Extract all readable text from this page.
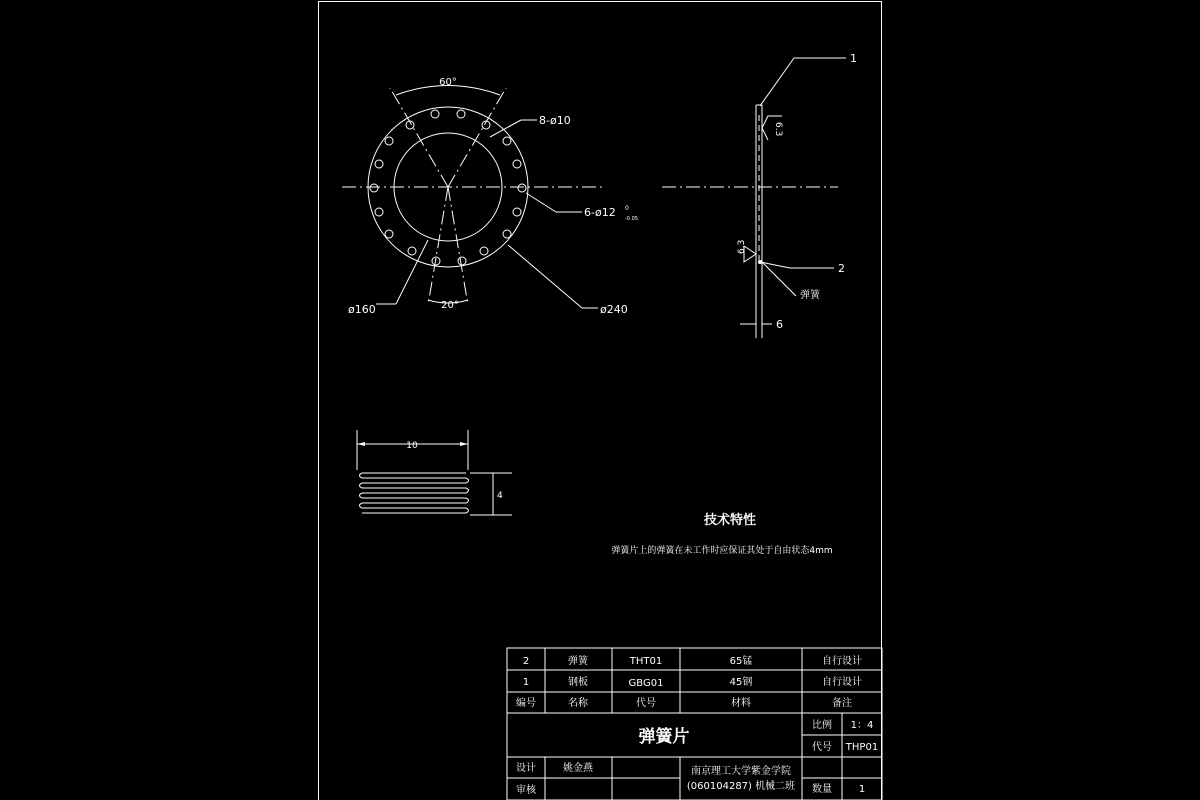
60°
20°
8-ø10
6-ø12 0
-0.05
ø160	ø240
6.3
6.3
1
2
弹簧
6
10
4
技术特性
弹簧片上的弹簧在未工作时应保证其处于自由状态4mm
2	弹簧	THT01	65锰	自行设计
1	钢板	GBG01	45钢	自行设计
编号	名称	代号	材料	备注
弹簧片
比例 1：4
代号 THP01
设计	姚金燕
审核
南京理工大学紫金学院
(060104287) 机械二班 数量	1
